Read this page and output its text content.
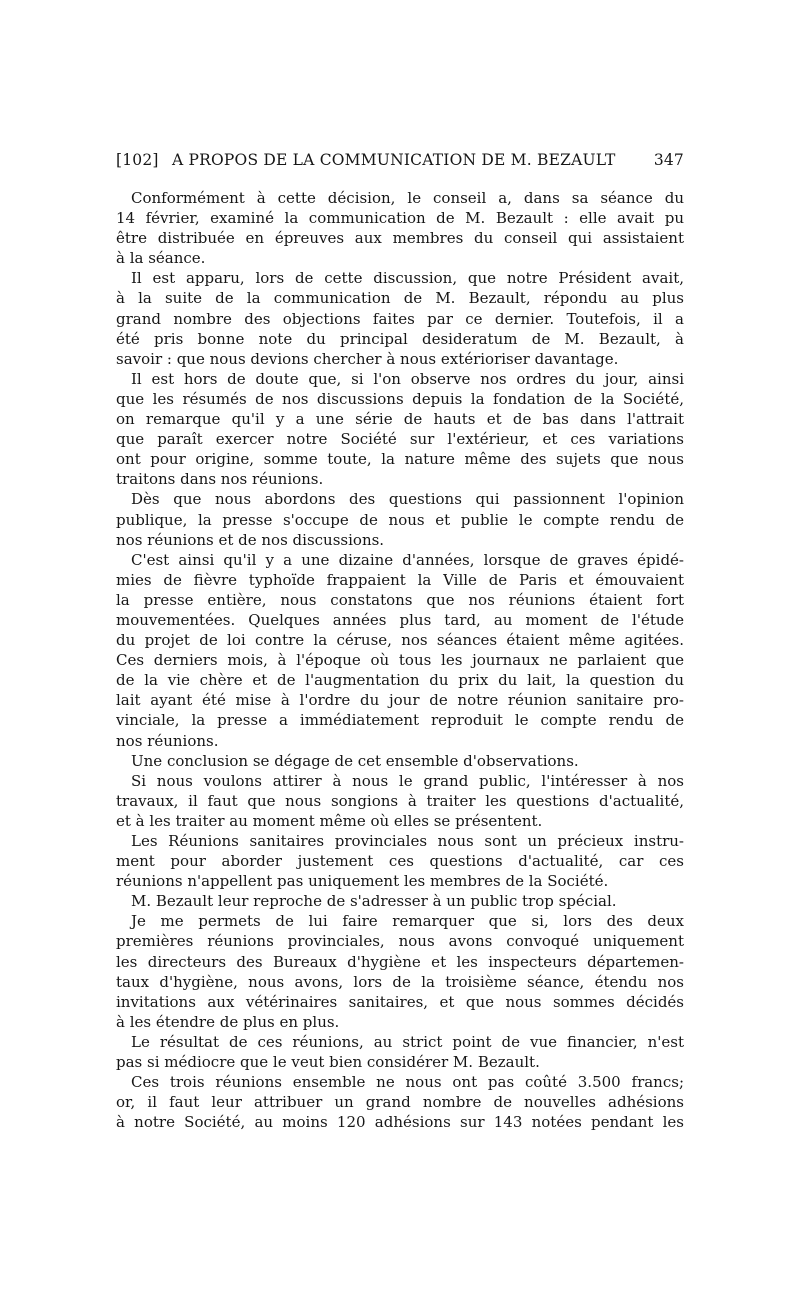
[102] A PROPOS DE LA COMMUNICATION DE M. BEZAULT 347
Conformément à cette décision, le conseil a, dans sa séance du
14 février, examiné la communication de M. Bezault : elle avait pu
être distribuée en épreuves aux membres du conseil qui assistaient
à la séance.
Il est apparu, lors de cette discussion, que notre Président avait,
à la suite de la communication de M. Bezault, répondu au plus
grand nombre des objections faites par ce dernier. Toutefois, il a
été pris bonne note du principal desideratum de M. Bezault, à
savoir : que nous devions chercher à nous extérioriser davantage.
Il est hors de doute que, si l'on observe nos ordres du jour, ainsi
que les résumés de nos discussions depuis la fondation de la Société,
on remarque qu'il y a une série de hauts et de bas dans l'attrait
que paraît exercer notre Société sur l'extérieur, et ces variations
ont pour origine, somme toute, la nature même des sujets que nous
traitons dans nos réunions.
Dès que nous abordons des questions qui passionnent l'opinion
publique, la presse s'occupe de nous et publie le compte rendu de
nos réunions et de nos discussions.
C'est ainsi qu'il y a une dizaine d'années, lorsque de graves épidé-
mies de fièvre typhoïde frappaient la Ville de Paris et émouvaient
la presse entière, nous constatons que nos réunions étaient fort
mouvementées. Quelques années plus tard, au moment de l'étude
du projet de loi contre la céruse, nos séances étaient même agitées.
Ces derniers mois, à l'époque où tous les journaux ne parlaient que
de la vie chère et de l'augmentation du prix du lait, la question du
lait ayant été mise à l'ordre du jour de notre réunion sanitaire pro-
vinciale, la presse a immédiatement reproduit le compte rendu de
nos réunions.
Une conclusion se dégage de cet ensemble d'observations.
Si nous voulons attirer à nous le grand public, l'intéresser à nos
travaux, il faut que nous songions à traiter les questions d'actualité,
et à les traiter au moment même où elles se présentent.
Les Réunions sanitaires provinciales nous sont un précieux instru-
ment pour aborder justement ces questions d'actualité, car ces
réunions n'appellent pas uniquement les membres de la Société.
M. Bezault leur reproche de s'adresser à un public trop spécial.
Je me permets de lui faire remarquer que si, lors des deux
premières réunions provinciales, nous avons convoqué uniquement
les directeurs des Bureaux d'hygiène et les inspecteurs départemen-
taux d'hygiène, nous avons, lors de la troisième séance, étendu nos
invitations aux vétérinaires sanitaires, et que nous sommes décidés
à les étendre de plus en plus.
Le résultat de ces réunions, au strict point de vue financier, n'est
pas si médiocre que le veut bien considérer M. Bezault.
Ces trois réunions ensemble ne nous ont pas coûté 3.500 francs;
or, il faut leur attribuer un grand nombre de nouvelles adhésions
à notre Société, au moins 120 adhésions sur 143 notées pendant les
